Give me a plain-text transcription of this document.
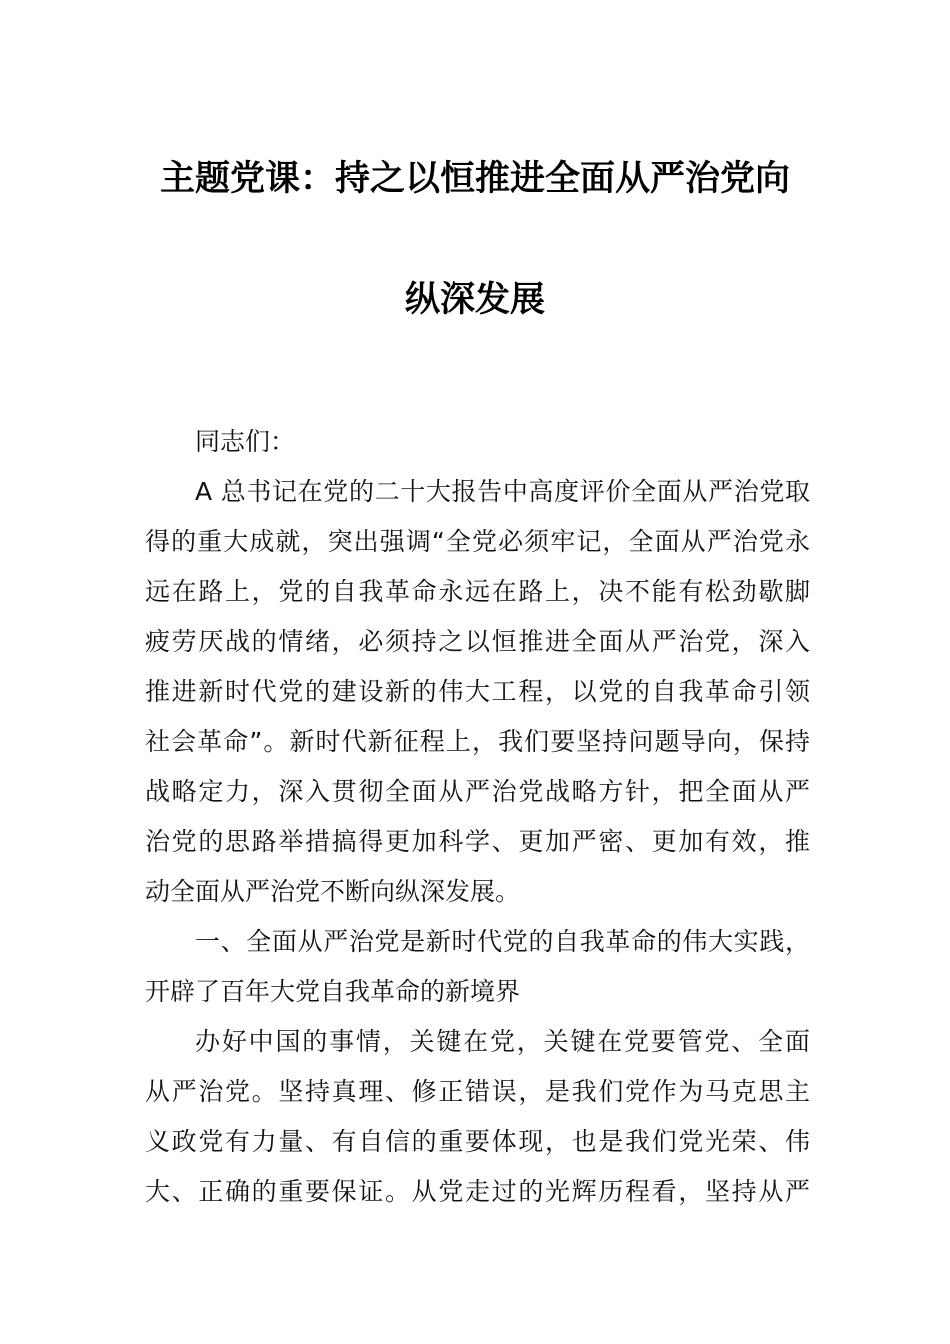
主题党课：持之以恒推进全面从严治党向
纵深发展
同志们：
A 总书记在党的二十大报告中高度评价全面从严治党取
得的重大成就，突出强调“全党必须牢记，全面从严治党永
远在路上，党的自我革命永远在路上，决不能有松劲歇脚
疲劳厌战的情绪，必须持之以恒推进全面从严治党，深入
推进新时代党的建设新的伟大工程，以党的自我革命引领
社会革命”。新时代新征程上，我们要坚持问题导向，保持
战略定力，深入贯彻全面从严治党战略方针，把全面从严
治党的思路举措搞得更加科学、更加严密、更加有效，推
动全面从严治党不断向纵深发展。
一、全面从严治党是新时代党的自我革命的伟大实践，
开辟了百年大党自我革命的新境界
办好中国的事情，关键在党，关键在党要管党、全面
从严治党。坚持真理、修正错误，是我们党作为马克思主
义政党有力量、有自信的重要体现，也是我们党光荣、伟
大、正确的重要保证。从党走过的光辉历程看，坚持从严
